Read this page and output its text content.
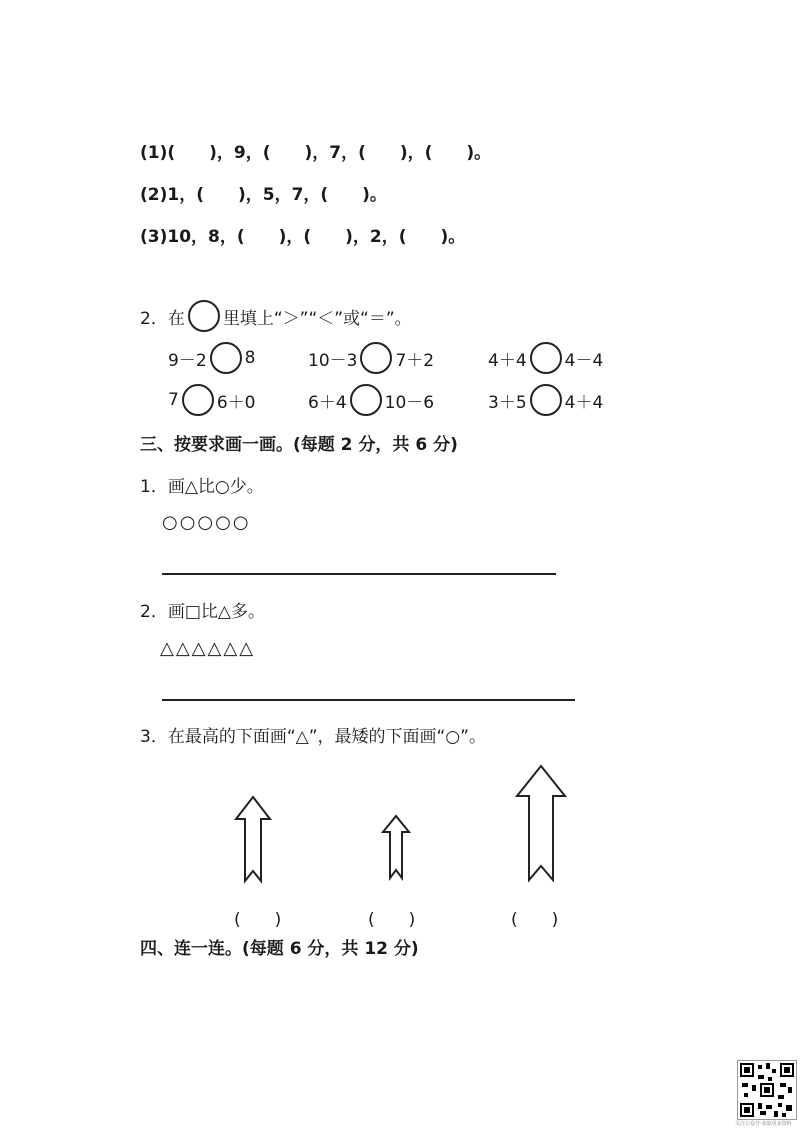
(1)(　　)，9，(　　)，7，(　　)，(　　)。
(2)1，(　　)，5，7，(　　)。
(3)10，8，(　　)，(　　)，2，(　　)。
2．在 里填上“＞”“＜”或“＝”。
9－2 8	10－3 7＋2	4＋4 4－4
7 6＋0	6＋4 10－6	3＋5 4＋4
三、按要求画一画。(每题 2 分，共 6 分)
1．画△比○少。
○○○○○
2．画□比△多。
△△△△△△
3．在最高的下面画“△”，最矮的下面画“○”。
(　　)	(　　)	(　　)
四、连一连。(每题 6 分，共 12 分)
关注公众号·获取更多资料
